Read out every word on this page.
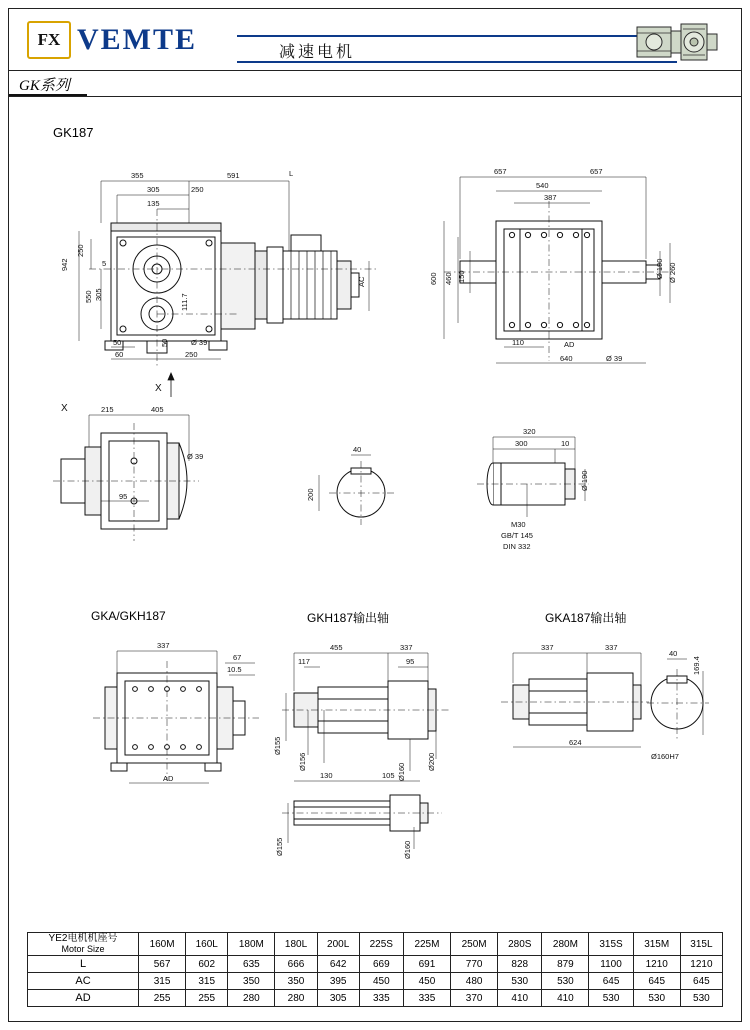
FX VEMTE	减速电机
GK系列
GK187
355	591
305	250
135
942
250
550 305
5
111.7
50
60	250
Ø 39
50
AC
L
X
657	657
540
387
600 460 150	Ø 190 Ø 260
110	AD
640	Ø 39
215	405
Ø 39
95
X
40
200
320
300	10
Ø 190
M30
GB/T 145
DIN 332
GKA/GKH187	GKH187输出轴	GKA187输出轴
337
67
10.5
AD
455	337
117	95
Ø155
Ø156
Ø160
Ø200
130	105
Ø155	Ø160
337	337
40
169.4
624
Ø160H7
YE2电机机座号
Motor Size	160M	160L	180M	180L	200L	225S	225M	250M	280S	280M	315S	315M	315L
L	567	602	635	666	642	669	691	770	828	879	1100	1210	1210
AC	315	315	350	350	395	450	450	480	530	530	645	645	645
AD	255	255	280	280	305	335	335	370	410	410	530	530	530
